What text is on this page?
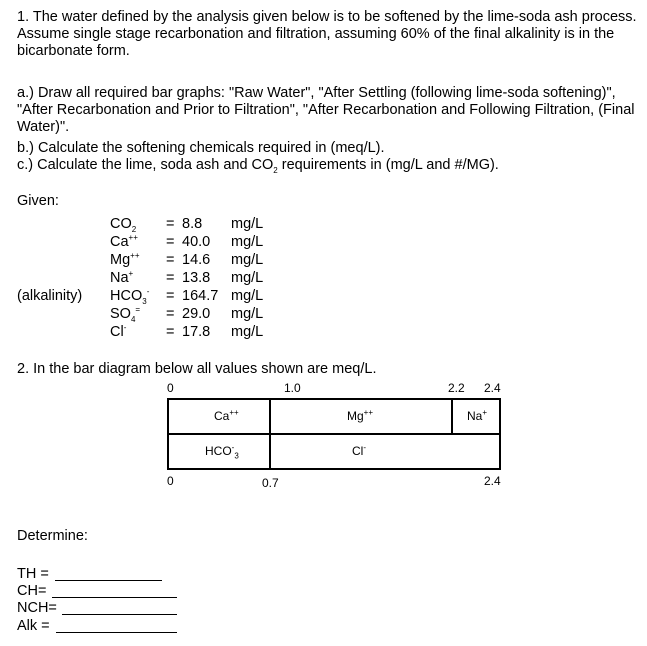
1. The water defined by the analysis given below is to be softened by the lime-soda ash process. Assume single stage recarbonation and filtration, assuming 60% of the final alkalinity is in the bicarbonate form.
a.) Draw all required bar graphs: "Raw Water", "After Settling (following lime-soda softening)", "After Recarbonation and Prior to Filtration", "After Recarbonation and Following Filtration, (Final Water)".
b.) Calculate the softening chemicals required in (meq/L).
c.) Calculate the lime, soda ash and $CO_2$ requirements in (mg/L and #/MG).
Given:
(alkalinity)
$CO_2 = 8.8$ mg/L
Ca++ = 40.0 mg/L
Mg++ = 14.6 mg/L
Na+ = 13.8 mg/L
$HCO_3^- = 164.7$ mg/L
$SO_4^= = 29.0$ mg/L
Cl-	= 17.8 mg/L
2. In the bar diagram below all values shown are meq/L.
0	1.0	2.2 2.4
Ca++	Mg++	Na+
$HCO^-_3$	Cl-
0	0.7	2.4
Determine:
TH =
CH=
NCH=
Alk =
